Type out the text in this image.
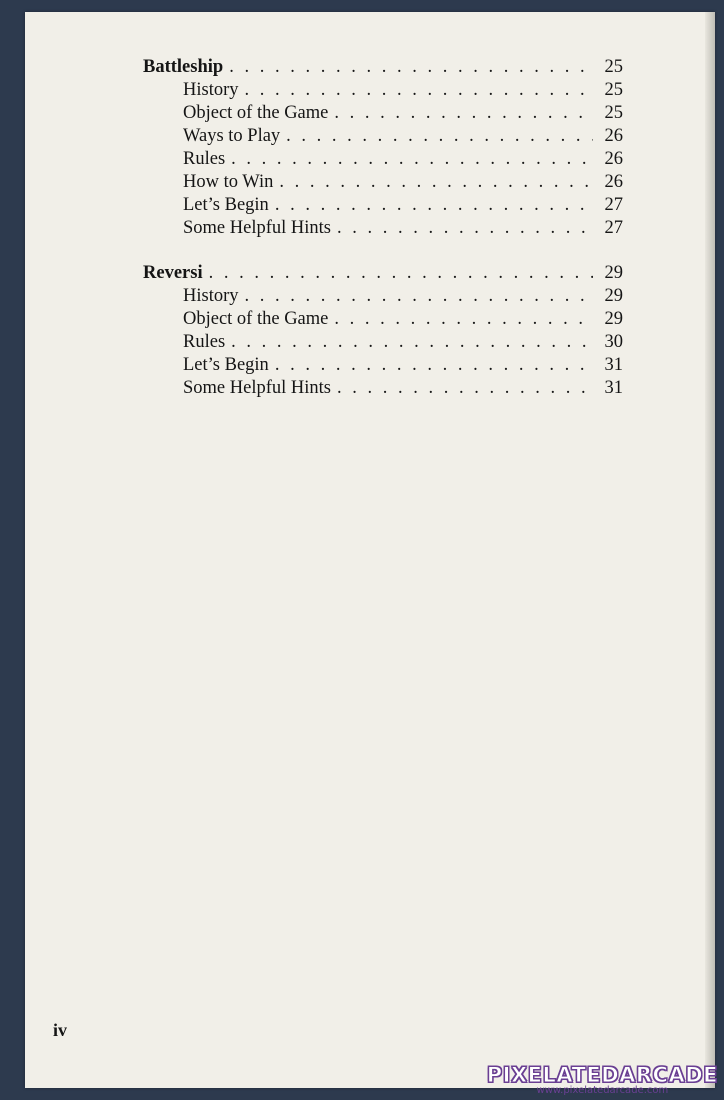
Battleship . . .	25
History . . .	25
Object of the Game . . .	25
Ways to Play . . .	26
Rules . . .	26
How to Win . . .	26
Let’s Begin . . .	27
Some Helpful Hints . . .	27
Reversi . . .	29
History . . .	29
Object of the Game . . .	29
Rules . . .	30
Let’s Begin . . .	31
Some Helpful Hints . . .	31
iv
PIXELATEDARCADE
www.pixelatedarcade.com
